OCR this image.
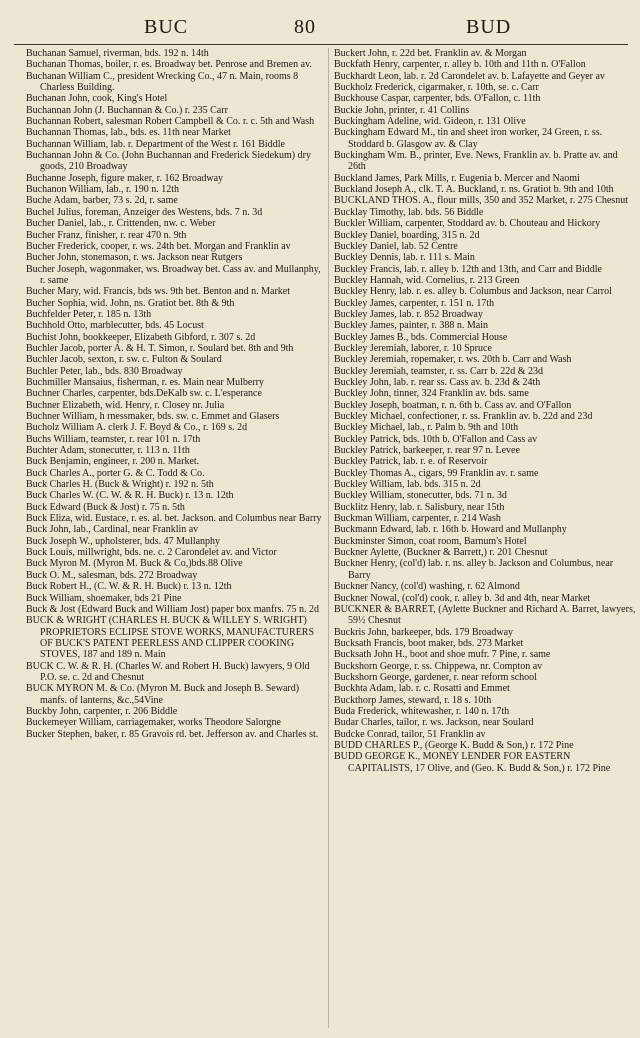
BUC	80	BUD
Buchanan Samuel, riverman, bds. 192 n. 14th
Buchanan Thomas, boiler, r. es. Broadway bet. Penrose and Bremen av.
Buchanan William C., president Wrecking Co., 47 n. Main, rooms 8 Charless Building.
Buchanan John, cook, King's Hotel
Buchannan John (J. Buchannan & Co.) r. 235 Carr
Buchannan Robert, salesman Robert Campbell & Co. r. c. 5th and Wash
Buchannan Thomas, lab., bds. es. 11th near Market
Buchannan William, lab. r. Department of the West r. 161 Biddle
Buchannan John & Co. (John Buchannan and Frederick Siedekum) dry goods, 210 Broadway
Buchanne Joseph, figure maker, r. 162 Broadway
Buchanon William, lab., r. 190 n. 12th
Buche Adam, barber, 73 s. 2d, r. same
Buchel Julius, foreman, Anzeiger des Westens, bds. 7 n. 3d
Bucher Daniel, lab., r. Crittenden, nw. c. Weber
Bucher Franz, finisher, r. rear 470 n. 9th
Bucher Frederick, cooper, r. ws. 24th bet. Morgan and Franklin av
Bucher John, stonemason, r. ws. Jackson near Rutgers
Bucher Joseph, wagonmaker, ws. Broadway bet. Cass av. and Mullanphy, r. same
Bucher Mary, wid. Francis, bds ws. 9th bet. Benton and n. Market
Bucher Sophia, wid. John, ns. Gratiot bet. 8th & 9th
Buchfelder Peter, r. 185 n. 13th
Buchhold Otto, marblecutter, bds. 45 Locust
Buchist John, bookkeeper, Elizabeth Gibford, r. 307 s. 2d
Buchler Jacob, porter A. & H. T. Simon, r. Soulard bet. 8th and 9th
Buchler Jacob, sexton, r. sw. c. Fulton & Soulard
Buchler Peter, lab., bds. 830 Broadway
Buchmiller Mansaius, fisherman, r. es. Main near Mulberry
Buchner Charles, carpenter, bds.DeKalb sw. c. L'esperance
Buchner Elizabeth, wid. Henry, r. Closey nr. Julia
Buchner William, h rnessmaker, bds. sw. c. Emmet and Glasers
Bucholz William A. clerk J. F. Boyd & Co., r. 169 s. 2d
Buchs William, teamster, r. rear 101 n. 17th
Buchter Adam, stonecutter, r. 113 n. 11th
Buck Benjamin, engineer, r. 200 n. Market.
Buck Charles A., porter G. & C. Todd & Co.
Buck Charles H. (Buck & Wright) r. 192 n. 5th
Buck Charles W. (C. W. & R. H. Buck) r. 13 n. 12th
Buck Edward (Buck & Jost) r. 75 n. 5th
Buck Eliza, wid. Eustace, r. es. al. bet. Jackson. and Columbus near Barry
Buck John, lab., Cardinal, near Franklin av
Buck Joseph W., upholsterer, bds. 47 Mullanphy
Buck Louis, millwright, bds. ne. c. 2 Carondelet av. and Victor
Buck Myron M. (Myron M. Buck & Co,)bds.88 Olive
Buck O. M., salesman, bds. 272 Broadway
Buck Robert H., (C. W. & R. H. Buck) r. 13 n. 12th
Buck William, shoemaker, bds 21 Pine
Buck & Jost (Edward Buck and William Jost) paper box manfrs. 75 n. 2d
BUCK & WRIGHT (CHARLES H. BUCK & WILLEY S. WRIGHT) PROPRIETORS ECLIPSE STOVE WORKS, MANUFACTURERS OF BUCK'S PATENT PEERLESS AND CLIPPER COOKING STOVES, 187 and 189 n. Main
BUCK C. W. & R. H. (Charles W. and Robert H. Buck) lawyers, 9 Old P.O. se. c. 2d and Chesnut
BUCK MYRON M. & Co. (Myron M. Buck and Joseph B. Seward) manfs. of lanterns, &c.,54Vine
Buckby John, carpenter, r. 206 Biddle
Buckemeyer William, carriagemaker, works Theodore Salorgne
Bucker Stephen, baker, r. 85 Gravois rd. bet. Jefferson av. and Charles st.
Buckert John, r. 22d bet. Franklin av. & Morgan
Buckfath Henry, carpenter, r. alley b. 10th and 11th n. O'Fallon
Buckhardt Leon, lab. r. 2d Carondelet av. b. Lafayette and Geyer av
Buckholz Frederick, cigarmaker, r. 10th, se. c. Carr
Buckhouse Caspar, carpenter, bds. O'Fallon, c. 11th
Buckie John, printer, r. 41 Collins
Buckingham Adeline, wid. Gideon, r. 131 Olive
Buckingham Edward M., tin and sheet iron worker, 24 Green, r. ss. Stoddard b. Glasgow av. & Clay
Buckingham Wm. B., printer, Eve. News, Franklin av. b. Pratte av. and 26th
Buckland James, Park Mills, r. Eugenia b. Mercer and Naomi
Buckland Joseph A., clk. T. A. Buckland, r. ns. Gratiot b. 9th and 10th
BUCKLAND THOS. A., flour mills, 350 and 352 Market, r. 275 Chesnut
Bucklay Timothy, lab. bds. 56 Biddle
Buckler William, carpenter, Stoddard av. b. Chouteau and Hickory
Buckley Daniel, boarding, 315 n. 2d
Buckley Daniel, lab. 52 Centre
Buckley Dennis, lab. r. 111 s. Main
Buckley Francis, lab. r. alley b. 12th and 13th, and Carr and Biddle
Buckley Hannah, wid. Cornelius, r. 213 Green
Buckley Henry, lab. r. es. alley b. Columbus and Jackson, near Carrol
Buckley James, carpenter, r. 151 n. 17th
Buckley James, lab. r. 852 Broadway
Buckley James, painter, r. 388 n. Main
Buckley James B., bds. Commercial House
Buckley Jeremiah, laborer, r. 10 Spruce
Buckley Jeremiah, ropemaker, r. ws. 20th b. Carr and Wash
Buckley Jeremiah, teamster, r. ss. Carr b. 22d & 23d
Buckley John, lab. r. rear ss. Cass av. b. 23d & 24th
Buckley John, tinner, 324 Franklin av. bds. same
Buckley Joseph, boatman, r. n. 6th b. Cass av. and O'Fallon
Buckley Michael, confectioner, r. ss. Franklin av. b. 22d and 23d
Buckley Michael, lab., r. Palm b. 9th and 10th
Buckley Patrick, bds. 10th b. O'Fallon and Cass av
Buckley Patrick, barkeeper, r. rear 97 n. Levee
Buckley Patrick, lab. r. e. of Reservoir
Buckley Thomas A., cigars, 99 Franklin av. r. same
Buckley William, lab. bds. 315 n. 2d
Buckley William, stonecutter, bds. 71 n. 3d
Bucklitz Henry, lab. r. Salisbury, near 15th
Buckman William, carpenter, r. 214 Wash
Buckmann Edward, lab. r. 16th b. Howard and Mullanphy
Buckminster Simon, coat room, Barnum's Hotel
Buckner Aylette, (Buckner & Barrett,) r. 201 Chesnut
Buckner Henry, (col'd) lab. r. ns. alley b. Jackson and Columbus, near Barry
Buckner Nancy, (col'd) washing, r. 62 Almond
Buckner Nowal, (col'd) cook, r. alley b. 3d and 4th, near Market
BUCKNER & BARRET, (Aylette Buckner and Richard A. Barret, lawyers, 59½ Chesnut
Buckris John, barkeeper, bds. 179 Broadway
Bucksath Francis, boot maker, bds. 273 Market
Bucksath John H., boot and shoe mufr. 7 Pine, r. same
Buckshorn George, r. ss. Chippewa, nr. Compton av
Buckshorn George, gardener, r. near reform school
Buckhta Adam, lab. r. c. Rosatti and Emmet
Buckthorp James, steward, r. 18 s. 10th
Buda Frederick, whitewasher, r. 140 n. 17th
Budar Charles, tailor, r. ws. Jackson, near Soulard
Budcke Conrad, tailor, 51 Franklin av
BUDD CHARLES P., (George K. Budd & Son,) r. 172 Pine
BUDD GEORGE K., MONEY LENDER FOR EASTERN CAPITALISTS, 17 Olive, and (Geo. K. Budd & Son,) r. 172 Pine
